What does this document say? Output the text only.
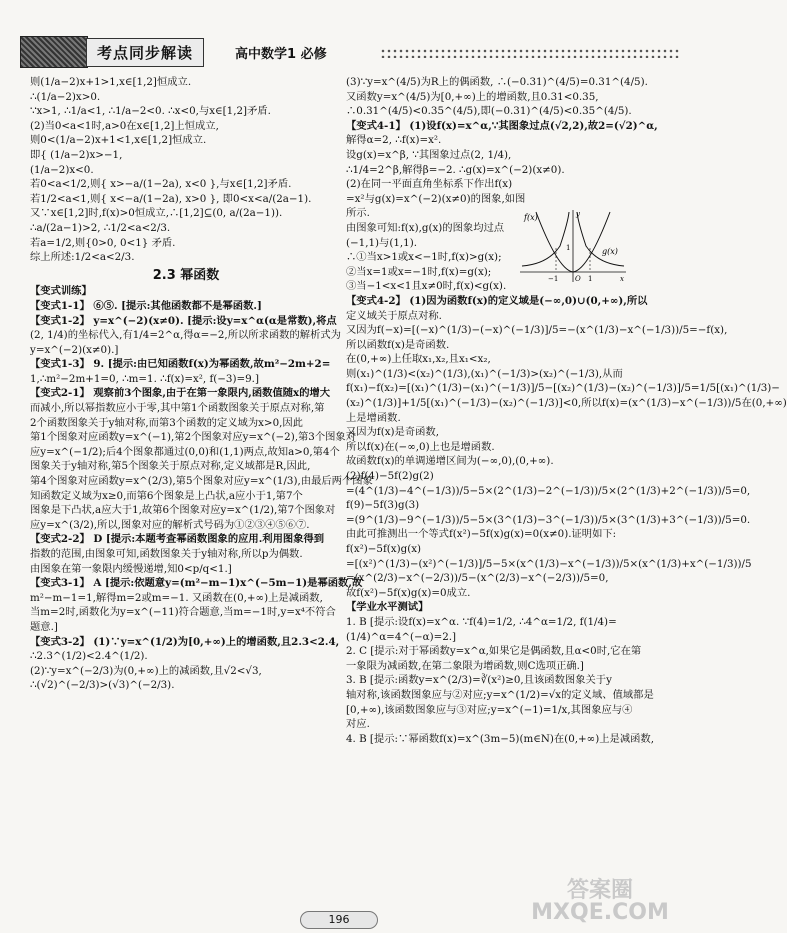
考点同步解读	高中数学1 必修

则(1/a−2)x+1>1,x∈[1,2]恒成立.

∴(1/a−2)x>0.

∵x>1, ∴1/a<1, ∴1/a−2<0. ∴x<0,与x∈[1,2]矛盾.

(2)当0<a<1时,a>0在x∈[1,2]上恒成立,

则0<(1/a−2)x+1<1,x∈[1,2]恒成立.

即{ (1/a−2)x>−1,

(1/a−2)x<0.

若0<a<1/2,则{ x>−a/(1−2a), x<0 },与x∈[1,2]矛盾.

若1/2<a<1,则{ x<−a/(1−2a), x>0 }, 即0<x<a/(2a−1).

又∵x∈[1,2]时,f(x)>0恒成立,∴[1,2]⊆(0, a/(2a−1)).

∴a/(2a−1)>2, ∴1/2<a<2/3.

若a=1/2,则{0>0, 0<1} 矛盾.

综上所述:1/2<a<2/3.

2.3 幂函数

【变式训练】

【变式1-1】 ⑥⑤. [提示:其他函数都不是幂函数.]

【变式1-2】 y=x^(−2)(x≠0). [提示:设y=x^α(α是常数),将点

(2, 1/4)的坐标代入,有1/4=2^α,得α=−2,所以所求函数的解析式为

y=x^(−2)(x≠0).]

【变式1-3】 9. [提示:由已知函数f(x)为幂函数,故m²−2m+2=

1,∴m²−2m+1=0, ∴m=1. ∴f(x)=x², f(−3)=9.]

【变式2-1】 观察前3个图象,由于在第一象限内,函数值随x的增大

而减小,所以幂指数应小于零,其中第1个函数图象关于原点对称,第

2个函数图象关于y轴对称,而第3个函数的定义域为x>0,因此

第1个图象对应函数y=x^(−1),第2个图象对应y=x^(−2),第3个图象对

应y=x^(−1/2);后4个图象都通过(0,0)和(1,1)两点,故知a>0,第4个

图象关于y轴对称,第5个图象关于原点对称,定义域都是R,因此,

第4个图象对应函数y=x^(2/3),第5个图象对应y=x^(1/3),由最后两个图象

知函数定义域为x≥0,而第6个图象是上凸状,a应小于1,第7个

图象是下凸状,a应大于1,故第6个图象对应y=x^(1/2),第7个图象对

应y=x^(3/2),所以,图象对应的解析式号码为①②③④⑤⑥⑦.

【变式2-2】 D [提示:本题考查幂函数图象的应用.利用图象得到

指数的范围,由图象可知,函数图象关于y轴对称,所以p为偶数.

由图象在第一象限内缓慢递增,知0<p/q<1.]

【变式3-1】 A [提示:依题意y=(m²−m−1)x^(−5m−1)是幂函数,故

m²−m−1=1,解得m=2或m=−1. 又函数在(0,+∞)上是减函数,

当m=2时,函数化为y=x^(−11)符合题意,当m=−1时,y=x⁴不符合

题意.]

【变式3-2】 (1)∵y=x^(1/2)为[0,+∞)上的增函数,且2.3<2.4,

∴2.3^(1/2)<2.4^(1/2).

(2)∵y=x^(−2/3)为(0,+∞)上的减函数,且√2<√3,

∴(√2)^(−2/3)>(√3)^(−2/3).

(3)∵y=x^(4/5)为R上的偶函数, ∴(−0.31)^(4/5)=0.31^(4/5).

又函数y=x^(4/5)为[0,+∞)上的增函数,且0.31<0.35,

∴0.31^(4/5)<0.35^(4/5),即(−0.31)^(4/5)<0.35^(4/5).

【变式4-1】 (1)设f(x)=x^α,∵其图象过点(√2,2),故2=(√2)^α,

解得α=2, ∴f(x)=x².

设g(x)=x^β, ∵其图象过点(2, 1/4),

∴1/4=2^β,解得β=−2. ∴g(x)=x^(−2)(x≠0).

(2)在同一平面直角坐标系下作出f(x)

=x²与g(x)=x^(−2)(x≠0)的图象,如图

所示.

由图象可知:f(x),g(x)的图象均过点

(−1,1)与(1,1).

∴①当x>1或x<−1时,f(x)>g(x);

②当x=1或x=−1时,f(x)=g(x);

③当−1<x<1且x≠0时,f(x)<g(x).

【变式4-2】 (1)因为函数f(x)的定义域是(−∞,0)∪(0,+∞),所以

定义域关于原点对称.

又因为f(−x)=[(−x)^(1/3)−(−x)^(−1/3)]/5=−(x^(1/3)−x^(−1/3))/5=−f(x),

所以函数f(x)是奇函数.

在(0,+∞)上任取x₁,x₂,且x₁<x₂,

则(x₁)^(1/3)<(x₂)^(1/3),(x₁)^(−1/3)>(x₂)^(−1/3),从而

f(x₁)−f(x₂)=[(x₁)^(1/3)−(x₁)^(−1/3)]/5−[(x₂)^(1/3)−(x₂)^(−1/3)]/5=1/5[(x₁)^(1/3)−

(x₂)^(1/3)]+1/5[(x₁)^(−1/3)−(x₂)^(−1/3)]<0,所以f(x)=(x^(1/3)−x^(−1/3))/5在(0,+∞)

上是增函数.

又因为f(x)是奇函数,

所以f(x)在(−∞,0)上也是增函数.

故函数f(x)的单调递增区间为(−∞,0),(0,+∞).

(2)f(4)−5f(2)g(2)

=(4^(1/3)−4^(−1/3))/5−5×(2^(1/3)−2^(−1/3))/5×(2^(1/3)+2^(−1/3))/5=0,

f(9)−5f(3)g(3)

=(9^(1/3)−9^(−1/3))/5−5×(3^(1/3)−3^(−1/3))/5×(3^(1/3)+3^(−1/3))/5=0.

由此可推测出一个等式f(x²)−5f(x)g(x)=0(x≠0).证明如下:

f(x²)−5f(x)g(x)

=[(x²)^(1/3)−(x²)^(−1/3)]/5−5×(x^(1/3)−x^(−1/3))/5×(x^(1/3)+x^(−1/3))/5

=(x^(2/3)−x^(−2/3))/5−(x^(2/3)−x^(−2/3))/5=0,

故f(x²)−5f(x)g(x)=0成立.

【学业水平测试】

1. B [提示:设f(x)=x^α. ∵f(4)=1/2, ∴4^α=1/2, f(1/4)=

(1/4)^α=4^(−α)=2.]

2. C [提示:对于幂函数y=x^α,如果它是偶函数,且α<0时,它在第

一象限为减函数,在第二象限为增函数,则C选项正确.]

3. B [提示:函数y=x^(2/3)=∛(x²)≥0,且该函数图象关于y

轴对称,该函数图象应与②对应;y=x^(1/2)=√x的定义域、值域都是

[0,+∞),该函数图象应与③对应;y=x^(−1)=1/x,其图象应与④

对应.

4. B [提示:∵幂函数f(x)=x^(3m−5)(m∈N)在(0,+∞)上是减函数,

f(x)
g(x)
y
x
O
−1	1
1
196
答案圈
MXQE.COM
